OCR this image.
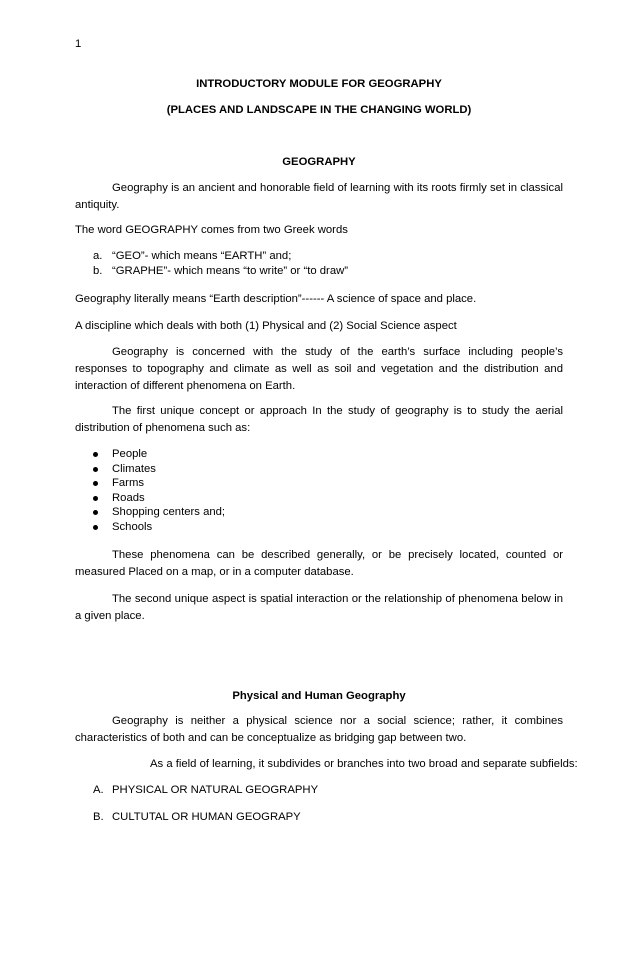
1
INTRODUCTORY MODULE FOR GEOGRAPHY
(PLACES AND LANDSCAPE IN THE CHANGING WORLD)
GEOGRAPHY
Geography is an ancient and honorable field of learning with its roots firmly set in classical antiquity.
The word GEOGRAPHY comes from two Greek words
a. “GEO”- which means “EARTH” and;
b. “GRAPHE”- which means “to write” or “to draw”
Geography literally means “Earth description”------ A science of space and place.
A discipline which deals with both (1) Physical and (2) Social Science aspect
Geography is concerned with the study of the earth’s surface including people’s responses to topography and climate as well as soil and vegetation and the distribution and interaction of different phenomena on Earth.
The first unique concept or approach In the study of geography is to study the aerial distribution of phenomena such as:
People
Climates
Farms
Roads
Shopping centers and;
Schools
These phenomena can be described generally, or be precisely located, counted or measured Placed on a map, or in a computer database.
The second unique aspect is spatial interaction or the relationship of phenomena below in a given place.
Physical and Human Geography
Geography is neither a physical science nor a social science; rather, it combines characteristics of both and can be conceptualize as bridging gap between two.
As a field of learning, it subdivides or branches into two broad and separate subfields:
A. PHYSICAL OR NATURAL GEOGRAPHY
B. CULTUTAL OR HUMAN GEOGRAPY
